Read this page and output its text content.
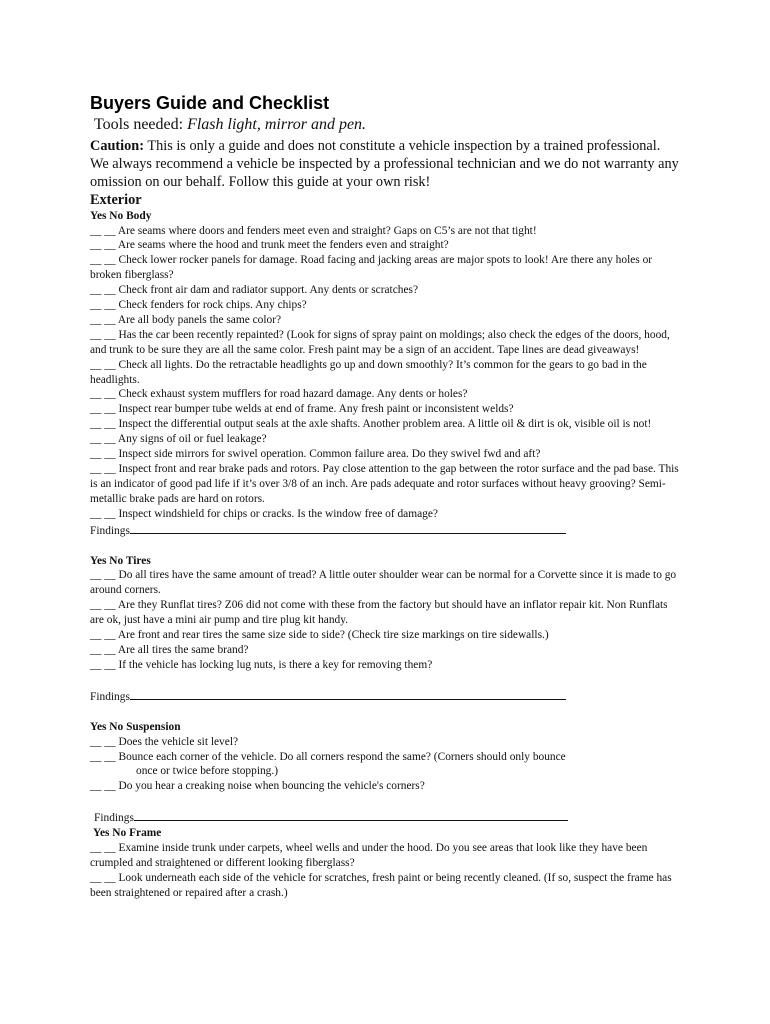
Buyers Guide and Checklist
Tools needed: Flash light, mirror and pen.
Caution: This is only a guide and does not constitute a vehicle inspection by a trained professional. We always recommend a vehicle be inspected by a professional technician and we do not warranty any omission on our behalf. Follow this guide at your own risk!
Exterior
Yes No Body
__ __ Are seams where doors and fenders meet even and straight? Gaps on C5’s are not that tight!
__ __ Are seams where the hood and trunk meet the fenders even and straight?
__ __ Check lower rocker panels for damage. Road facing and jacking areas are major spots to look! Are there any holes or broken fiberglass?
__ __ Check front air dam and radiator support. Any dents or scratches?
__ __ Check fenders for rock chips. Any chips?
__ __ Are all body panels the same color?
__ __ Has the car been recently repainted? (Look for signs of spray paint on moldings; also check the edges of the doors, hood, and trunk to be sure they are all the same color. Fresh paint may be a sign of an accident. Tape lines are dead giveaways!
__ __ Check all lights. Do the retractable headlights go up and down smoothly? It’s common for the gears to go bad in the headlights.
__ __ Check exhaust system mufflers for road hazard damage. Any dents or holes?
__ __ Inspect rear bumper tube welds at end of frame. Any fresh paint or inconsistent welds?
__ __ Inspect the differential output seals at the axle shafts. Another problem area. A little oil & dirt is ok, visible oil is not!
__ __ Any signs of oil or fuel leakage?
__ __ Inspect side mirrors for swivel operation. Common failure area. Do they swivel fwd and aft?
__ __ Inspect front and rear brake pads and rotors. Pay close attention to the gap between the rotor surface and the pad base. This is an indicator of good pad life if it’s over 3/8 of an inch. Are pads adequate and rotor surfaces without heavy grooving? Semi-metallic brake pads are hard on rotors.
__ __ Inspect windshield for chips or cracks. Is the window free of damage?
Findings
Yes No Tires
__ __ Do all tires have the same amount of tread? A little outer shoulder wear can be normal for a Corvette since it is made to go around corners.
__ __ Are they Runflat tires? Z06 did not come with these from the factory but should have an inflator repair kit. Non Runflats are ok, just have a mini air pump and tire plug kit handy.
__ __ Are front and rear tires the same size side to side? (Check tire size markings on tire sidewalls.)
__ __ Are all tires the same brand?
__ __ If the vehicle has locking lug nuts, is there a key for removing them?
Findings
Yes No Suspension
__ __ Does the vehicle sit level?
__ __ Bounce each corner of the vehicle. Do all corners respond the same? (Corners should only bounce
once or twice before stopping.)
__ __ Do you hear a creaking noise when bouncing the vehicle's corners?
Findings
Yes No Frame
__ __ Examine inside trunk under carpets, wheel wells and under the hood. Do you see areas that look like they have been crumpled and straightened or different looking fiberglass?
__ __ Look underneath each side of the vehicle for scratches, fresh paint or being recently cleaned. (If so, suspect the frame has been straightened or repaired after a crash.)
